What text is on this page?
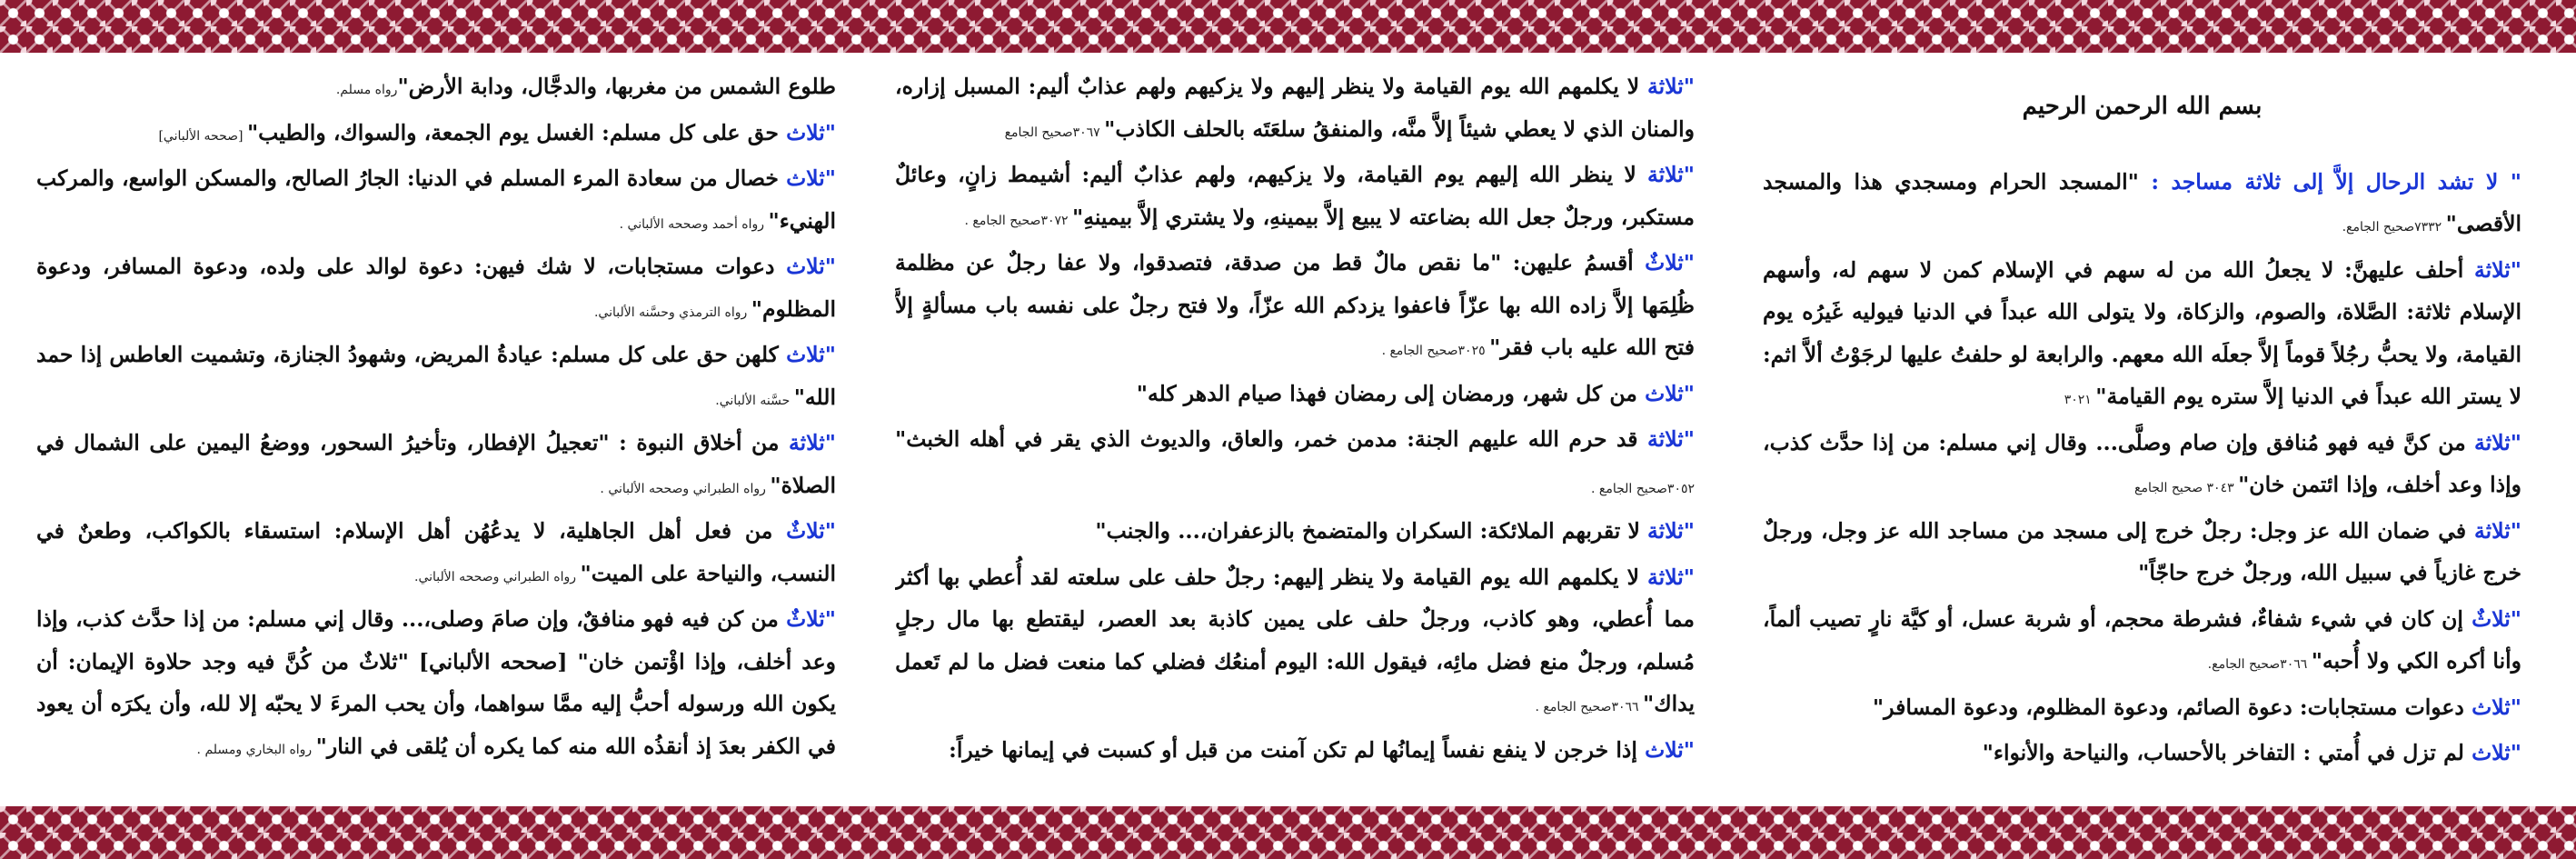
بسم الله الرحمن الرحيم

" لا تشد الرحال إلاَّ إلى ثلاثة مساجد : "المسجد الحرام ومسجدي هذا والمسجد الأقصى" ٧٣٣٢صحيح الجامع.

"ثلاثة أحلف عليهنَّ: لا يجعلُ الله من له سهم في الإسلام كمن لا سهم له، وأسهم الإسلام ثلاثة: الصَّلاة، والصوم، والزكاة، ولا يتولى الله عبداً في الدنيا فيوليه غَيرُه يوم القيامة، ولا يحبُّ رجُلاً قوماً إلاَّ جعلَه الله معهم. والرابعة لو حلفتُ عليها لرجَوْتُ ألاَّ اثم: لا يستر الله عبداً في الدنيا إلاَّ ستره يوم القيامة" ٣٠٢١

"ثلاثة من كنَّ فيه فهو مُنافق وإن صام وصلَّى... وقال إني مسلم: من إذا حدَّث كذب، وإذا وعد أخلف، وإذا ائتمن خان" ٣٠٤٣ صحيح الجامع

"ثلاثة في ضمان الله عز وجل: رجلٌ خرج إلى مسجد من مساجد الله عز وجل، ورجلٌ خرج غازياً في سبيل الله، ورجلٌ خرج حاجّاً"

"ثلاثٌ إن كان في شيء شفاءٌ، فشرطة محجم، أو شربة عسل، أو كيَّة نارٍ تصيب ألماً، وأنا أكره الكي ولا أُحبه" ٣٠٦٦صحيح الجامع.

"ثلاث دعوات مستجابات: دعوة الصائم، ودعوة المظلوم، ودعوة المسافر"

"ثلاث لم تزل في أُمتي : التفاخر بالأحساب، والنياحة والأنواء"

"ثلاثة لا يكلمهم الله يوم القيامة ولا ينظر إليهم ولا يزكيهم ولهم عذابٌ أليم: المسبل إزاره، والمنان الذي لا يعطي شيئاً إلاَّ منَّه، والمنفقُ سلعَتَه بالحلف الكاذب" ٣٠٦٧صحيح الجامع

"ثلاثة لا ينظر الله إليهم يوم القيامة، ولا يزكيهم، ولهم عذابٌ أليم: أشيمط زانٍ، وعائلٌ مستكبر، ورجلٌ جعل الله بضاعته لا يبيع إلاَّ بيمينهِ، ولا يشتري إلاَّ بيمينهِ" ٣٠٧٢صحيح الجامع .

"ثلاثٌ أقسمُ عليهن: "ما نقص مالٌ قط من صدقة، فتصدقوا، ولا عفا رجلٌ عن مظلمة ظُلِمَها إلاَّ زاده الله بها عزّاً فاعفوا يزدكم الله عزّاً، ولا فتح رجلٌ على نفسه باب مسألةٍ إلاَّ فتح الله عليه باب فقر" ٣٠٢٥صحيح الجامع .

"ثلاث من كل شهر، ورمضان إلى رمضان فهذا صيام الدهر كله"

"ثلاثة قد حرم الله عليهم الجنة: مدمن خمر، والعاق، والديوث الذي يقر في أهله الخبث" ٣٠٥٢صحيح الجامع .

"ثلاثة لا تقربهم الملائكة: السكران والمتضمخ بالزعفران،... والجنب"

"ثلاثة لا يكلمهم الله يوم القيامة ولا ينظر إليهم: رجلٌ حلف على سلعته لقد أُعطي بها أكثر مما أُعطي، وهو كاذب، ورجلٌ حلف على يمين كاذبة بعد العصر، ليقتطع بها مال رجلٍ مُسلم، ورجلٌ منع فضل مائِه، فيقول الله: اليوم أمنعُك فضلي كما منعت فضل ما لم تَعمل يداك" ٣٠٦٦صحيح الجامع .

"ثلاث إذا خرجن لا ينفع نفساً إيمانُها لم تكن آمنت من قبل أو كسبت في إيمانها خيراً:

طلوع الشمس من مغربها، والدجَّال، ودابة الأرض"رواه مسلم.

"ثلاث حق على كل مسلم: الغسل يوم الجمعة، والسواك، والطيب" [صححه الألباني]

"ثلاث خصال من سعادة المرء المسلم في الدنيا: الجارُ الصالح، والمسكن الواسع، والمركب الهنيء" رواه أحمد وصححه الألباني .

"ثلاث دعوات مستجابات، لا شك فيهن: دعوة لوالد على ولده، ودعوة المسافر، ودعوة المظلوم" رواه الترمذي وحسَّنه الألباني.

"ثلاث كلهن حق على كل مسلم: عيادةُ المريض، وشهودُ الجنازة، وتشميت العاطس إذا حمد الله" حسَّنه الألباني.

"ثلاثة من أخلاق النبوة : "تعجيلُ الإفطار، وتأخيرُ السحور، ووضعُ اليمين على الشمال في الصلاة" رواه الطبراني وصححه الألباني .

"ثلاثٌ من فعل أهل الجاهلية، لا يدعُهُن أهل الإسلام: استسقاء بالكواكب، وطعنٌ في النسب، والنياحة على الميت" رواه الطبراني وصححه الألباني.

"ثلاثٌ من كن فيه فهو منافقٌ، وإن صامَ وصلى،... وقال إني مسلم: من إذا حدَّث كذب، وإذا وعد أخلف، وإذا اؤْتمن خان" [صححه الألباني] "ثلاثٌ من كُنَّ فيه وجد حلاوة الإيمان: أن يكون الله ورسوله أحبُّ إليه ممَّا سواهما، وأن يحب المرءَ لا يحبّه إلا لله، وأن يكرَه أن يعود في الكفر بعدَ إذ أنقذُه الله منه كما يكره أن يُلقى في النار" رواه البخاري ومسلم .
